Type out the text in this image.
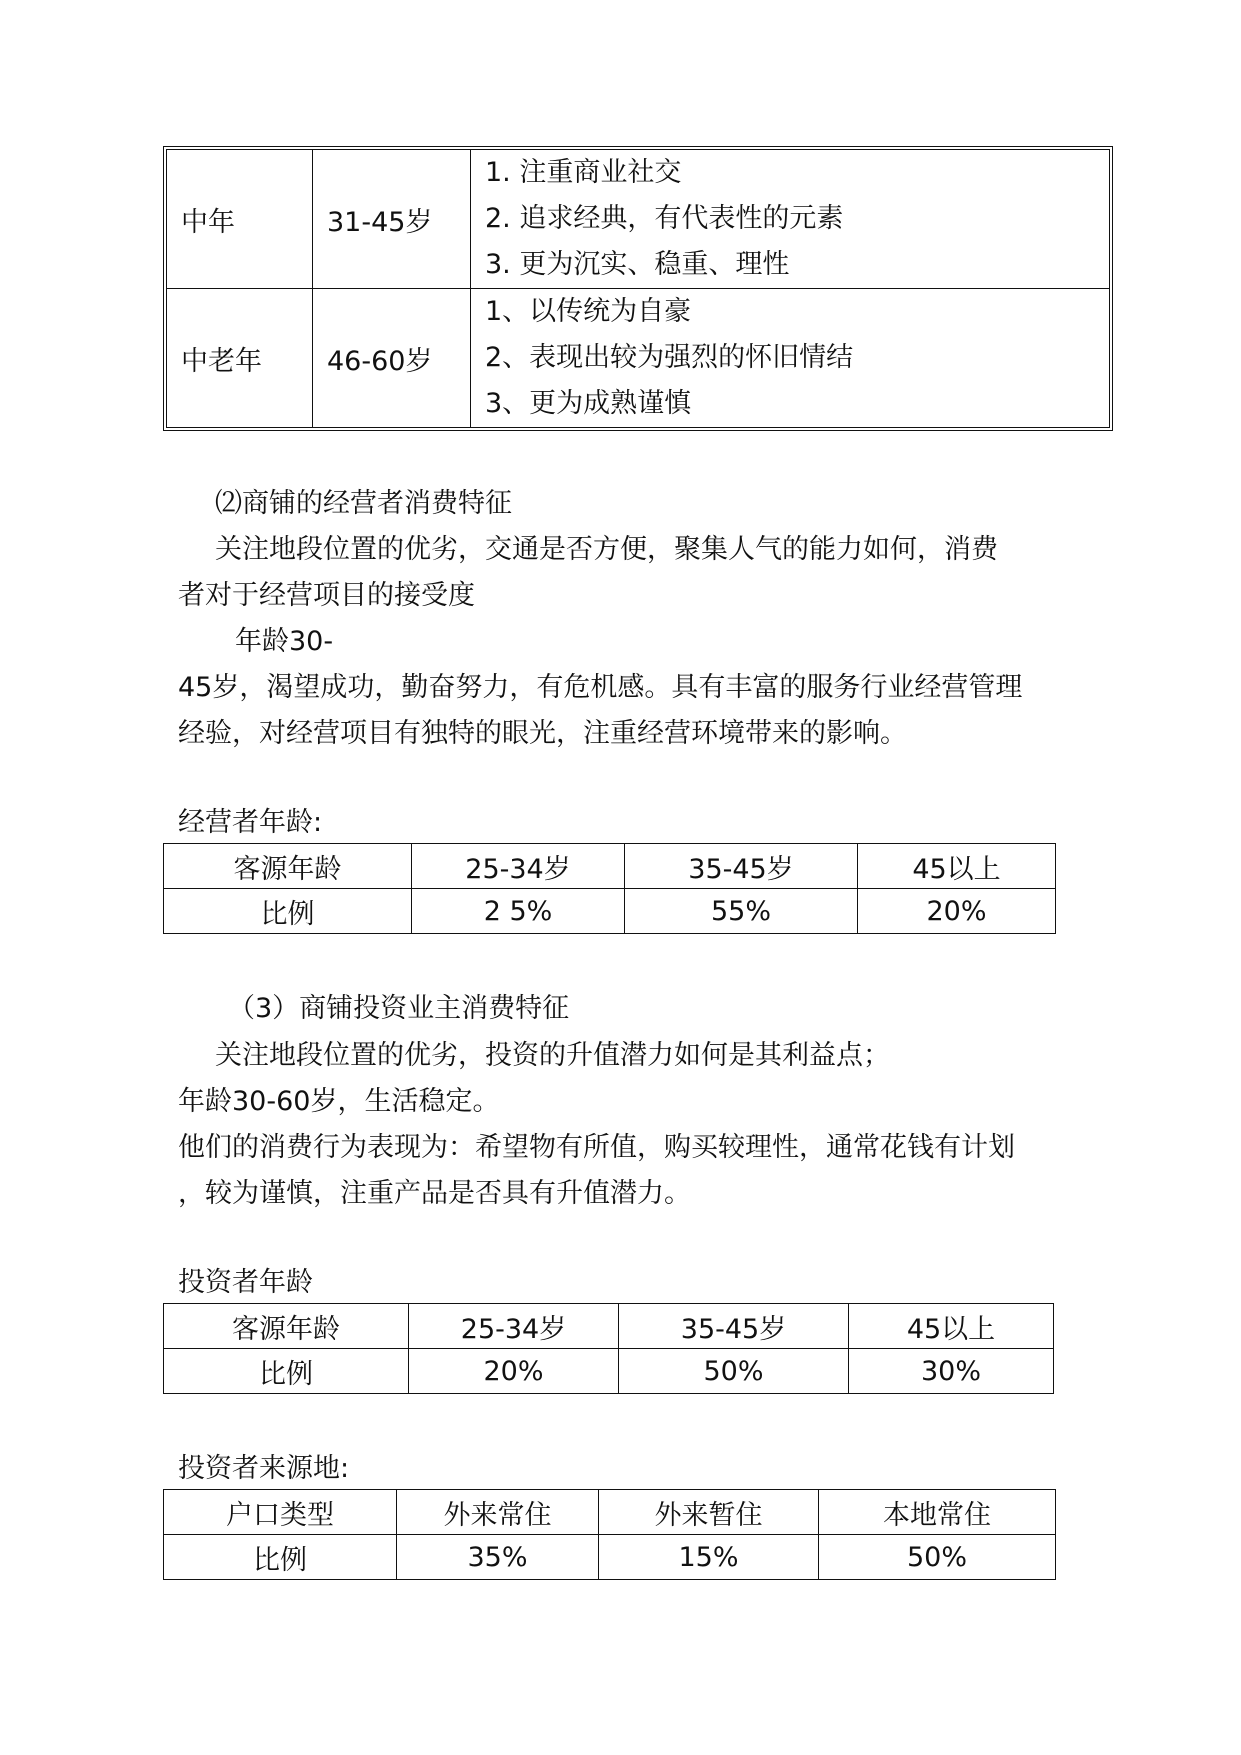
中年	31-45岁	1. 注重商业社交
2. 追求经典，有代表性的元素
3. 更为沉实、稳重、理性

中老年	46-60岁	1、以传统为自豪
2、表现出较为强烈的怀旧情结
3、更为成熟谨慎
⑵商铺的经营者消费特征
关注地段位置的优劣，交通是否方便，聚集人气的能力如何，消费
者对于经营项目的接受度
年龄30-
45岁，渴望成功，勤奋努力，有危机感。具有丰富的服务行业经营管理
经验，对经营项目有独特的眼光，注重经营环境带来的影响。
经营者年龄:
客源年龄	25-34岁	35-45岁	45以上
比例	2 5%	55%	20%
（3）商铺投资业主消费特征
关注地段位置的优劣，投资的升值潜力如何是其利益点；
年龄30-60岁，生活稳定。
他们的消费行为表现为：希望物有所值，购买较理性，通常花钱有计划
，较为谨慎，注重产品是否具有升值潜力。
投资者年龄
客源年龄	25-34岁	35-45岁	45以上
比例	20%	50%	30%
投资者来源地:
户口类型	外来常住	外来暂住	本地常住
比例	35%	15%	50%
